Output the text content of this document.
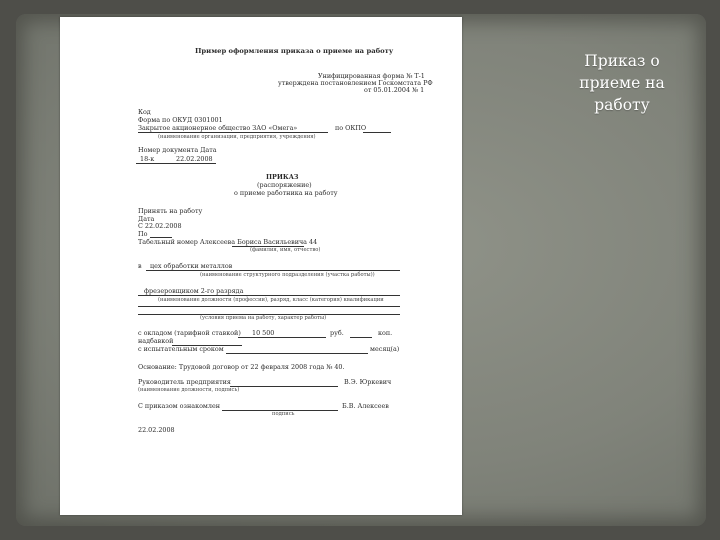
Приказ о
приеме на
работу
Пример оформления приказа о приеме на работу
Унифицированная форма № Т-1
утверждена постановлением Госкомстата РФ
от 05.01.2004 № 1
Код
Форма по ОКУД 0301001
Закрытое акционерное общество ЗАО «Омега»	по ОКПО
(наименование организации, предприятия, учреждения)
Номер документа Дата
18-к	22.02.2008
ПРИКАЗ
(распоряжение)
о приеме работника на работу
Принять на работу
Дата
С 22.02.2008
По
Табельный номер Алексеева Бориса Васильевича 44
(фамилия, имя, отчество)
в цех обработки металлов
(наименование структурного подразделения (участка работы))
фрезеровщиком 2-го разряда
(наименование должности (профессии), разряд, класс (категория) квалификации
(условия приема на работу, характер работы)
с окладом (тарифной ставкой) 10 500	руб.	коп.
надбавкой
с испытательным сроком	месяц(а)
Основание: Трудовой договор от 22 февраля 2008 года № 40.
Руководитель предприятия	В.Э. Юркевич
(наименование должности, подпись)
С приказом ознакомлен	Б.В. Алексеев
подпись
22.02.2008
